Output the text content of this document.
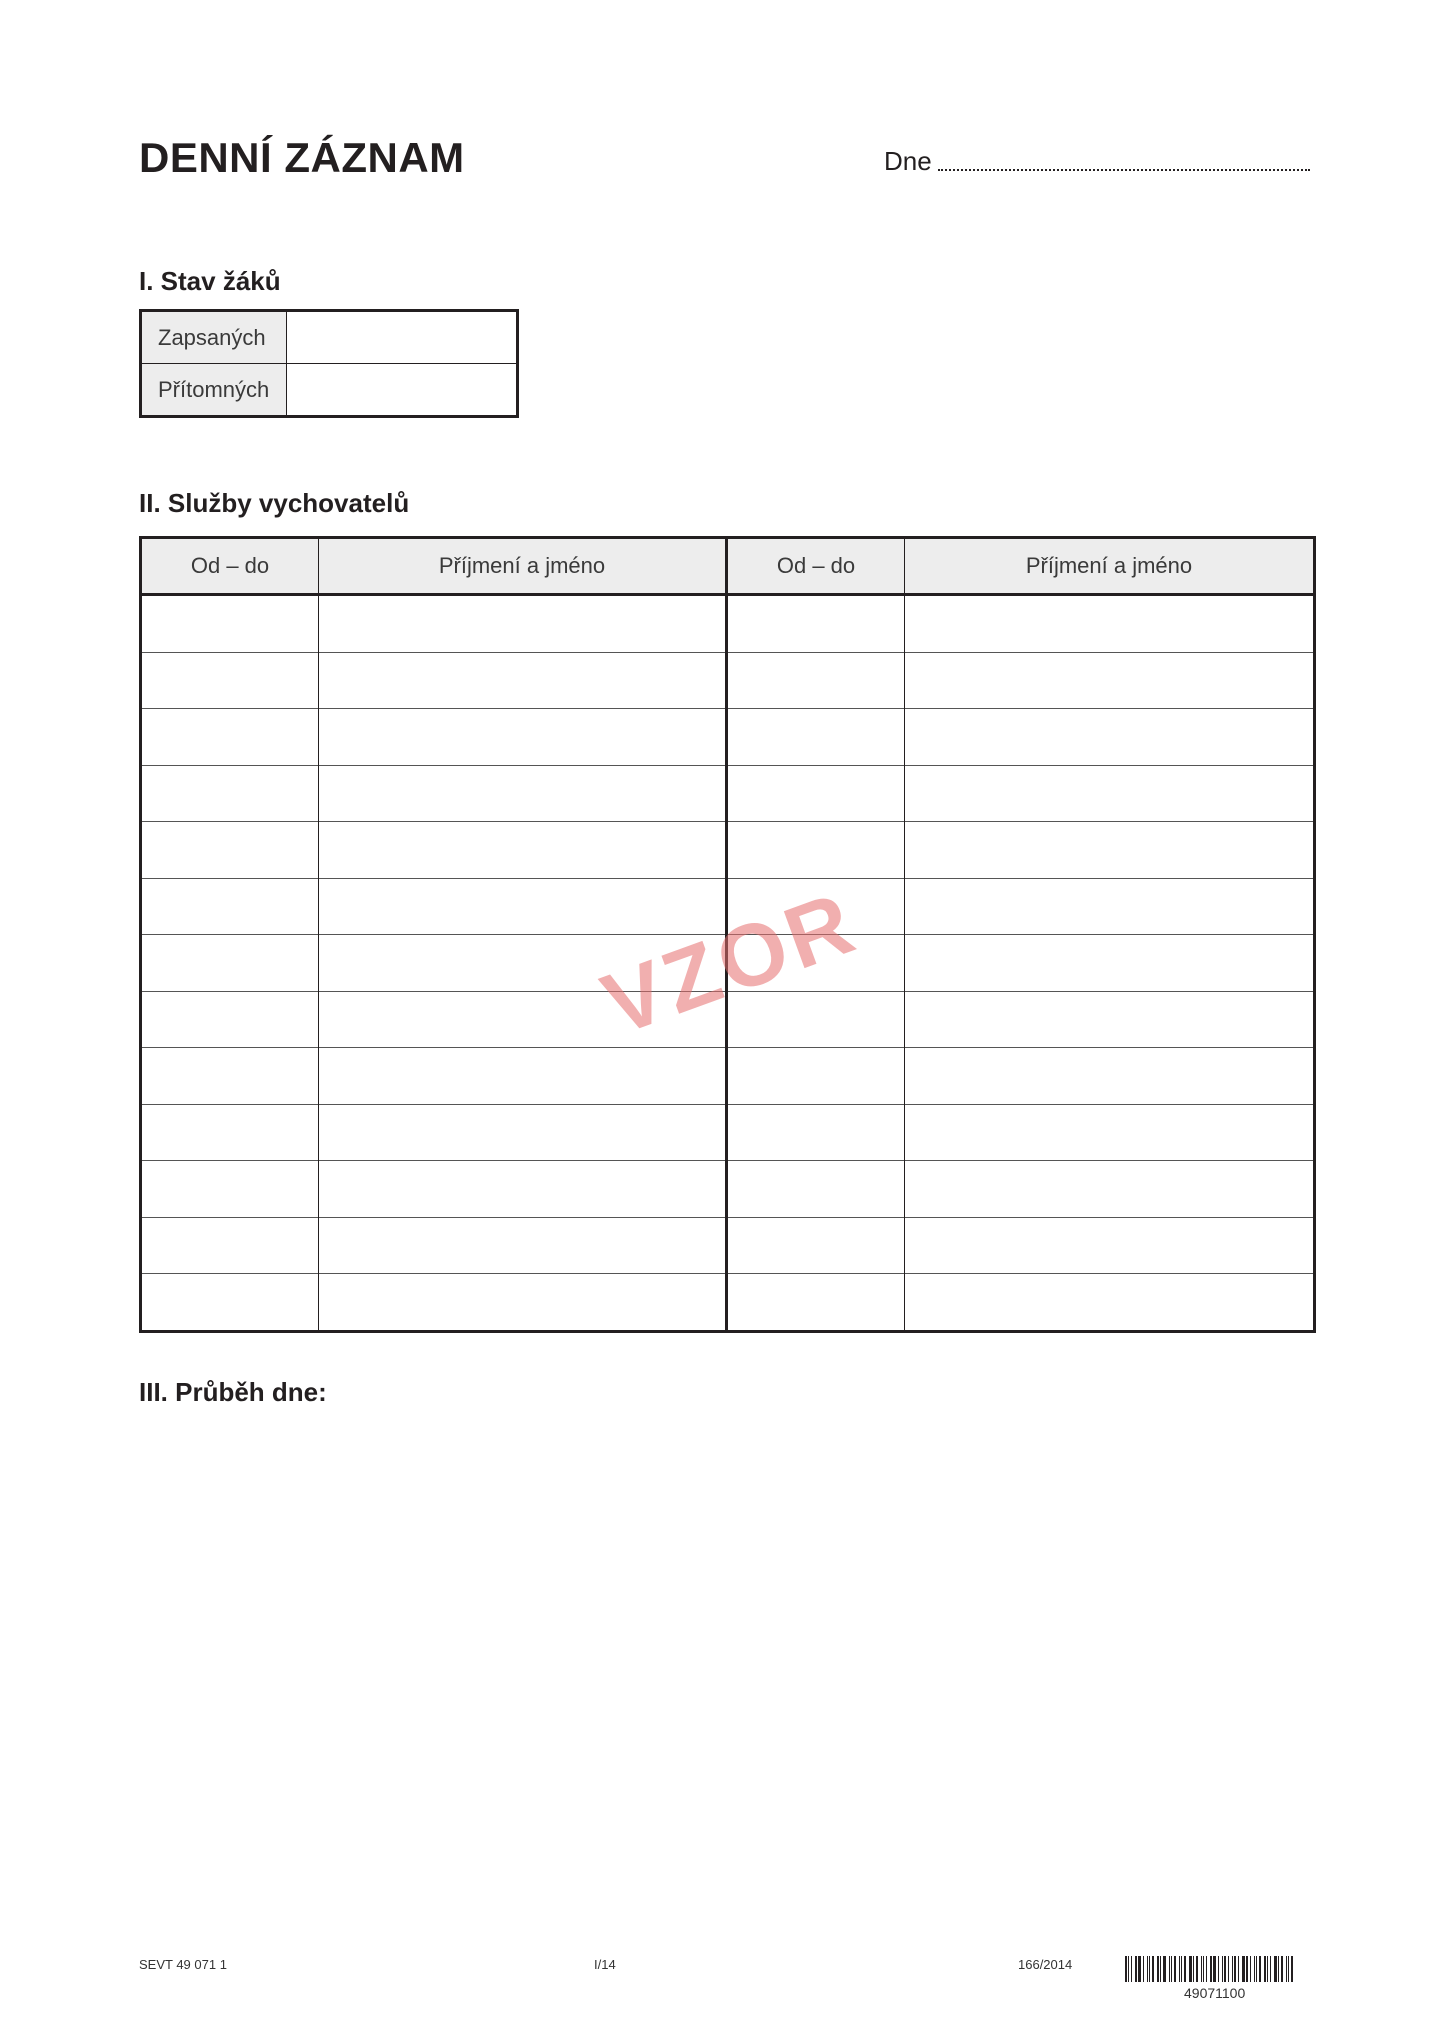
DENNÍ ZÁZNAM	Dne
I. Stav žáků
Zapsaných	
Přítomných	
II. Služby vychovatelů
Od – do	Příjmení a jméno	Od – do	Příjmení a jméno

VZOR
III. Průběh dne:
SEVT 49 071 1	I/14	166/2014
49071100
